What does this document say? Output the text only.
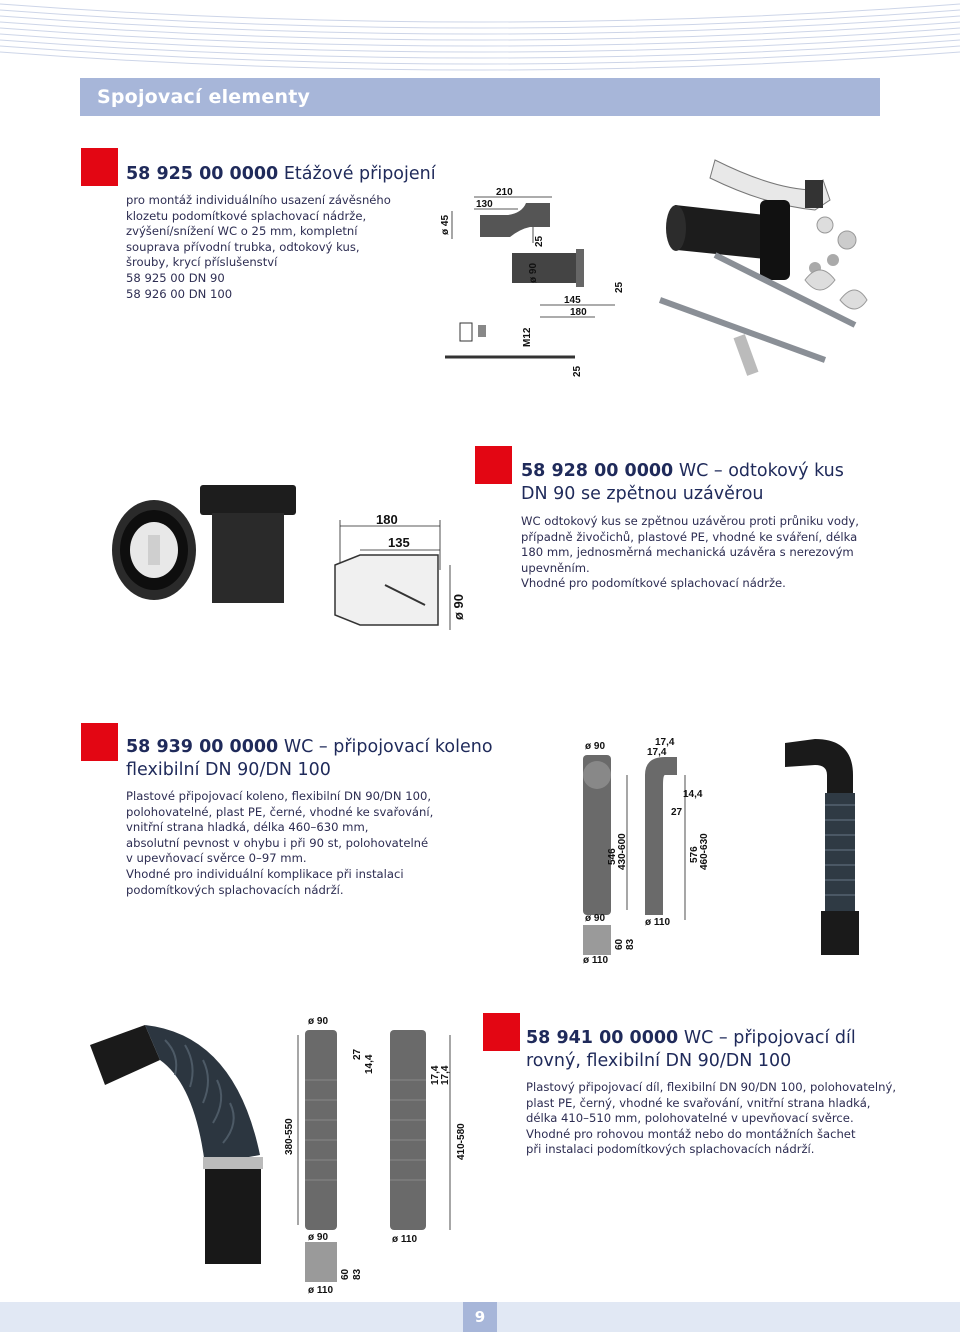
Spojovací elementy
58 925 00 0000 Etážové připojení
pro montáž individuálního usazení závěsného
klozetu podomítkové splachovací nádrže,
zvýšení/snížení WC o 25 mm, kompletní
souprava přívodní trubka, odtokový kus,
šrouby, krycí příslušenství
58 925 00 DN 90
58 926 00 DN 100
210
130
ø 45
25
ø 90
145
180
25
M12
25
58 928 00 0000 WC – odtokový kus
DN 90 se zpětnou uzávěrou
WC odtokový kus se zpětnou uzávěrou proti průniku vody,
případně živočichů, plastové PE, vhodné ke sváření, délka
180 mm, jednosměrná mechanická uzávěra s nerezovým
upevněním.
Vhodné pro podomítkové splachovací nádrže.
180
135
ø 90
58 939 00 0000 WC – připojovací koleno
flexibilní DN 90/DN 100
Plastové připojovací koleno, flexibilní DN 90/DN 100,
polohovatelné, plast PE, černé, vhodné ke svařování,
vnitřní strana hladká, délka 460–630 mm,
absolutní pevnost v ohybu i při 90 st, polohovatelné
v upevňovací svěrce 0–97 mm.
Vhodné pro individuální komplikace při instalaci
podomítkových splachovacích nádrží.
ø 90	17,4
17,4
14,4
27
546 430-600	576 460-630
ø 90	ø 110
60 83
ø 110
58 941 00 0000 WC – připojovací díl
rovný, flexibilní DN 90/DN 100
Plastový připojovací díl, flexibilní DN 90/DN 100, polohovatelný,
plast PE, černý, vhodné ke svařování, vnitřní strana hladká,
délka 410–510 mm, polohovatelné v upevňovací svěrce.
Vhodné pro rohovou montáž nebo do montážních šachet
při instalaci podomítkových splachovacích nádrží.
ø 90
27
14,4
380-550
17,4 17,4
410-580
ø 90	ø 110
60 83
ø 110
9
